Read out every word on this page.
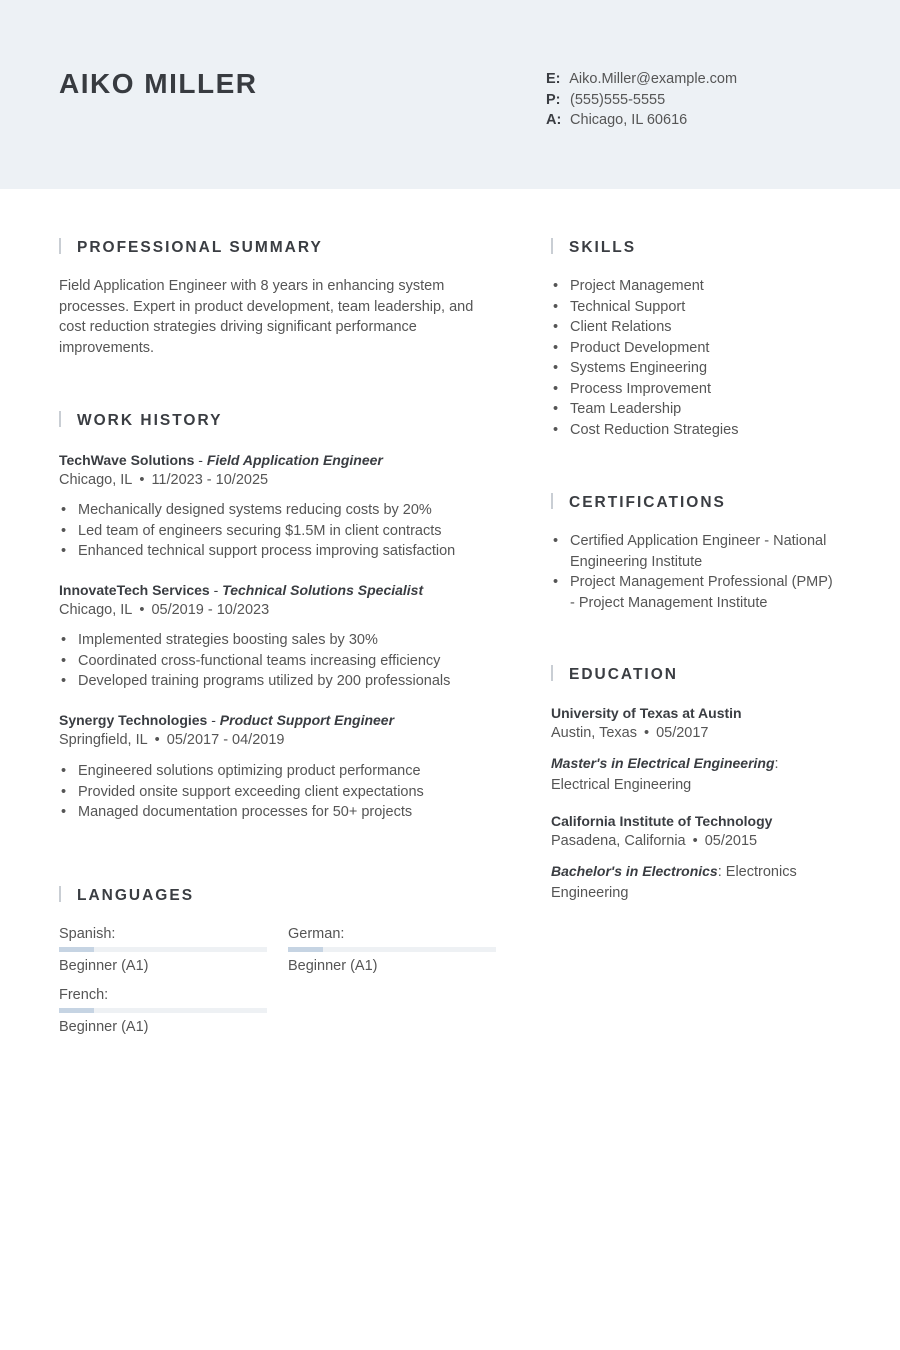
AIKO MILLER	E: Aiko.Miller@example.com
P: (555)555-5555
A: Chicago, IL 60616
PROFESSIONAL SUMMARY
Field Application Engineer with 8 years in enhancing system processes. Expert in product development, team leadership, and cost reduction strategies driving significant performance improvements.
WORK HISTORY
TechWave Solutions - Field Application Engineer
Chicago, IL • 11/2023 - 10/2025
• Mechanically designed systems reducing costs by 20%
• Led team of engineers securing $1.5M in client contracts
• Enhanced technical support process improving satisfaction
InnovateTech Services - Technical Solutions Specialist
Chicago, IL • 05/2019 - 10/2023
• Implemented strategies boosting sales by 30%
• Coordinated cross-functional teams increasing efficiency
• Developed training programs utilized by 200 professionals
Synergy Technologies - Product Support Engineer
Springfield, IL • 05/2017 - 04/2019
• Engineered solutions optimizing product performance
• Provided onsite support exceeding client expectations
• Managed documentation processes for 50+ projects
LANGUAGES
Spanish:
Beginner (A1)
German:
Beginner (A1)
French:
Beginner (A1)
SKILLS
• Project Management
• Technical Support
• Client Relations
• Product Development
• Systems Engineering
• Process Improvement
• Team Leadership
• Cost Reduction Strategies
CERTIFICATIONS
• Certified Application Engineer - National Engineering Institute
• Project Management Professional (PMP) - Project Management Institute
EDUCATION
University of Texas at Austin
Austin, Texas • 05/2017
Master's in Electrical Engineering: Electrical Engineering
California Institute of Technology
Pasadena, California • 05/2015
Bachelor's in Electronics: Electronics Engineering
